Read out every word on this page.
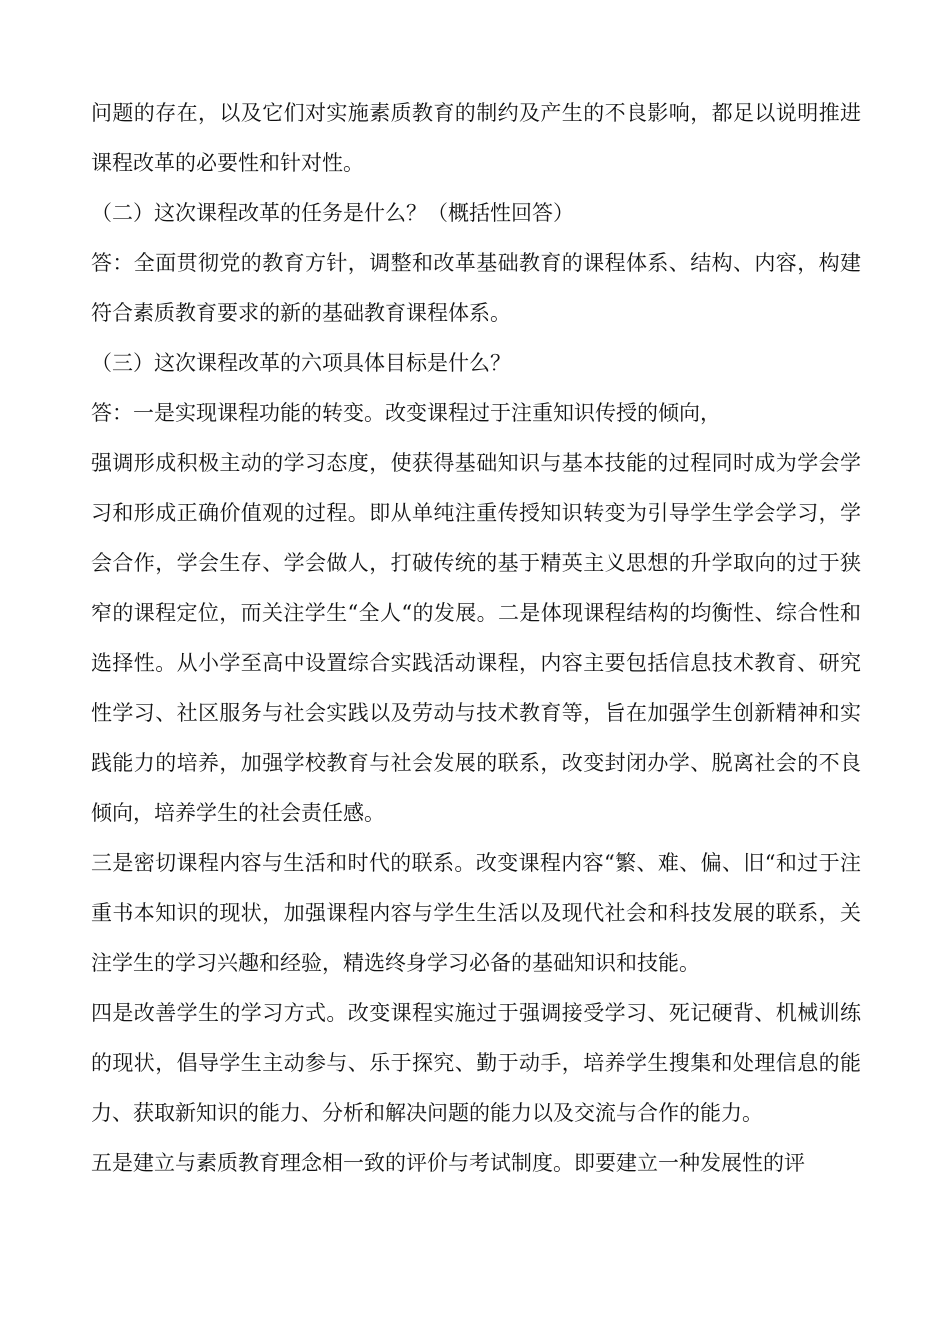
问题的存在，以及它们对实施素质教育的制约及产生的不良影响，都足以说明推进课程改革的必要性和针对性。

（二）这次课程改革的任务是什么？（概括性回答）

答：全面贯彻党的教育方针，调整和改革基础教育的课程体系、结构、内容，构建符合素质教育要求的新的基础教育课程体系。

（三）这次课程改革的六项具体目标是什么？

答：一是实现课程功能的转变。改变课程过于注重知识传授的倾向，

强调形成积极主动的学习态度，使获得基础知识与基本技能的过程同时成为学会学习和形成正确价值观的过程。即从单纯注重传授知识转变为引导学生学会学习，学会合作，学会生存、学会做人，打破传统的基于精英主义思想的升学取向的过于狭窄的课程定位，而关注学生“全人“的发展。二是体现课程结构的均衡性、综合性和选择性。从小学至高中设置综合实践活动课程，内容主要包括信息技术教育、研究性学习、社区服务与社会实践以及劳动与技术教育等，旨在加强学生创新精神和实践能力的培养，加强学校教育与社会发展的联系，改变封闭办学、脱离社会的不良倾向，培养学生的社会责任感。

三是密切课程内容与生活和时代的联系。改变课程内容“繁、难、偏、旧“和过于注重书本知识的现状，加强课程内容与学生生活以及现代社会和科技发展的联系，关注学生的学习兴趣和经验，精选终身学习必备的基础知识和技能。

四是改善学生的学习方式。改变课程实施过于强调接受学习、死记硬背、机械训练的现状，倡导学生主动参与、乐于探究、勤于动手，培养学生搜集和处理信息的能力、获取新知识的能力、分析和解决问题的能力以及交流与合作的能力。

五是建立与素质教育理念相一致的评价与考试制度。即要建立一种发展性的评
